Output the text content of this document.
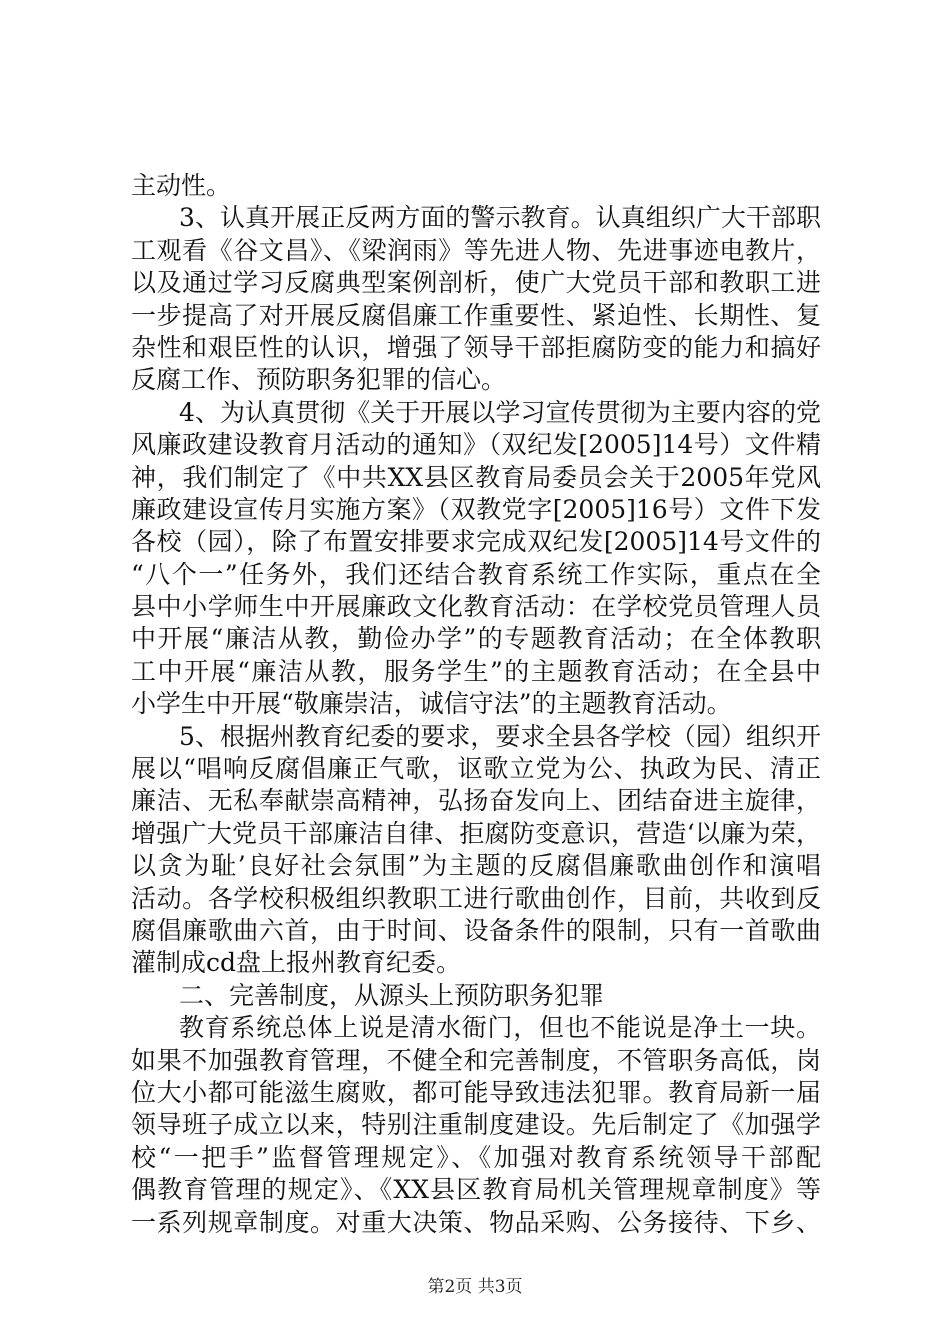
主动性。
3、认真开展正反两方面的警示教育。认真组织广大干部职
工观看《谷文昌》、《梁润雨》等先进人物、先进事迹电教片，
以及通过学习反腐典型案例剖析，使广大党员干部和教职工进
一步提高了对开展反腐倡廉工作重要性、紧迫性、长期性、复
杂性和艰臣性的认识，增强了领导干部拒腐防变的能力和搞好
反腐工作、预防职务犯罪的信心。
4、为认真贯彻《关于开展以学习宣传贯彻为主要内容的党
风廉政建设教育月活动的通知》（双纪发[2005]14号）文件精
神，我们制定了《中共XX县区教育局委员会关于2005年党风
廉政建设宣传月实施方案》（双教党字[2005]16号）文件下发
各校（园），除了布置安排要求完成双纪发[2005]14号文件的
“八个一”任务外，我们还结合教育系统工作实际，重点在全
县中小学师生中开展廉政文化教育活动：在学校党员管理人员
中开展“廉洁从教，勤俭办学”的专题教育活动；在全体教职
工中开展“廉洁从教，服务学生”的主题教育活动；在全县中
小学生中开展“敬廉崇洁，诚信守法”的主题教育活动。
5、根据州教育纪委的要求，要求全县各学校（园）组织开
展以“唱响反腐倡廉正气歌，讴歌立党为公、执政为民、清正
廉洁、无私奉献崇高精神，弘扬奋发向上、团结奋进主旋律，
增强广大党员干部廉洁自律、拒腐防变意识，营造‘以廉为荣，
以贪为耻’良好社会氛围”为主题的反腐倡廉歌曲创作和演唱
活动。各学校积极组织教职工进行歌曲创作，目前，共收到反
腐倡廉歌曲六首，由于时间、设备条件的限制，只有一首歌曲
灌制成cd盘上报州教育纪委。
二、完善制度，从源头上预防职务犯罪
教育系统总体上说是清水衙门，但也不能说是净土一块。
如果不加强教育管理，不健全和完善制度，不管职务高低，岗
位大小都可能滋生腐败，都可能导致违法犯罪。教育局新一届
领导班子成立以来，特别注重制度建设。先后制定了《加强学
校“一把手”监督管理规定》、《加强对教育系统领导干部配
偶教育管理的规定》、《XX县区教育局机关管理规章制度》等
一系列规章制度。对重大决策、物品采购、公务接待、下乡、
第2页 共3页
